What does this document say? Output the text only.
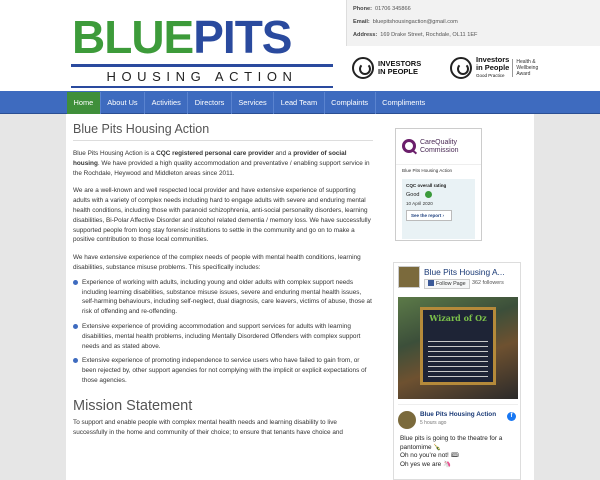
BLUEPITS
HOUSING ACTION
Phone: 01706 345866
Email: bluepitshousingaction@gmail.com
Address: 169 Drake Street, Rochdale, OL11 1EF
INVESTORS
IN PEOPLE
Investors
in People
Good Practice
Health & Wellbeing Award
Home	About Us	Activities	Directors	Services	Lead Team	Complaints	Compliments
Blue Pits Housing Action

Blue Pits Housing Action is a CQC registered personal care provider and a provider of social housing. We have provided a high quality accommodation and preventative / enabling support service in the Rochdale, Heywood and Middleton areas since 2011.

We are a well-known and well respected local provider and have extensive experience of supporting adults with a variety of complex needs including hard to engage adults with severe and enduring mental health conditions, including those with paranoid schizophrenia, anti-social personality disorders, learning disabilities, Bi-Polar Affective Disorder and alcohol related dementia / memory loss. We have successfully supported people from long stay forensic institutions to settle in the community and go on to make a positive contribution to those local communities.

We have extensive experience of the complex needs of people with mental health conditions, learning disabilities, substance misuse problems. This specifically includes:

Experience of working with adults, including young and older adults with complex support needs including learning disabilities, substance misuse issues, severe and enduring mental health issues, self-harming behaviours, including self-neglect, dual diagnosis, care leavers, victims of abuse, those at risk of offending and re-offending.
Extensive experience of providing accommodation and support services for adults with learning disabilities, mental health problems, including Mentally Disordered Offenders with complex support needs and as stated above.
Extensive experience of promoting independence to service users who have failed to gain from, or been rejected by, other support agencies for not complying with the implicit or explicit expectations of those agencies.
Mission Statement

To support and enable people with complex mental health needs and learning disability to live successfully in the home and community of their choice; to ensure that tenants have choice and

CareQuality
Commission
Blue Pits Housing Action
CQC overall rating
Good
10 April 2020
See the report ›
Blue Pits Housing A...
Follow Page	362 followers
Wizard of Oz
Blue Pits Housing Action
5 hours ago
f
Blue pits is going to the theatre for a pantomime 🍾
Oh no you're not! 🎟
Oh yes we are 🦄
